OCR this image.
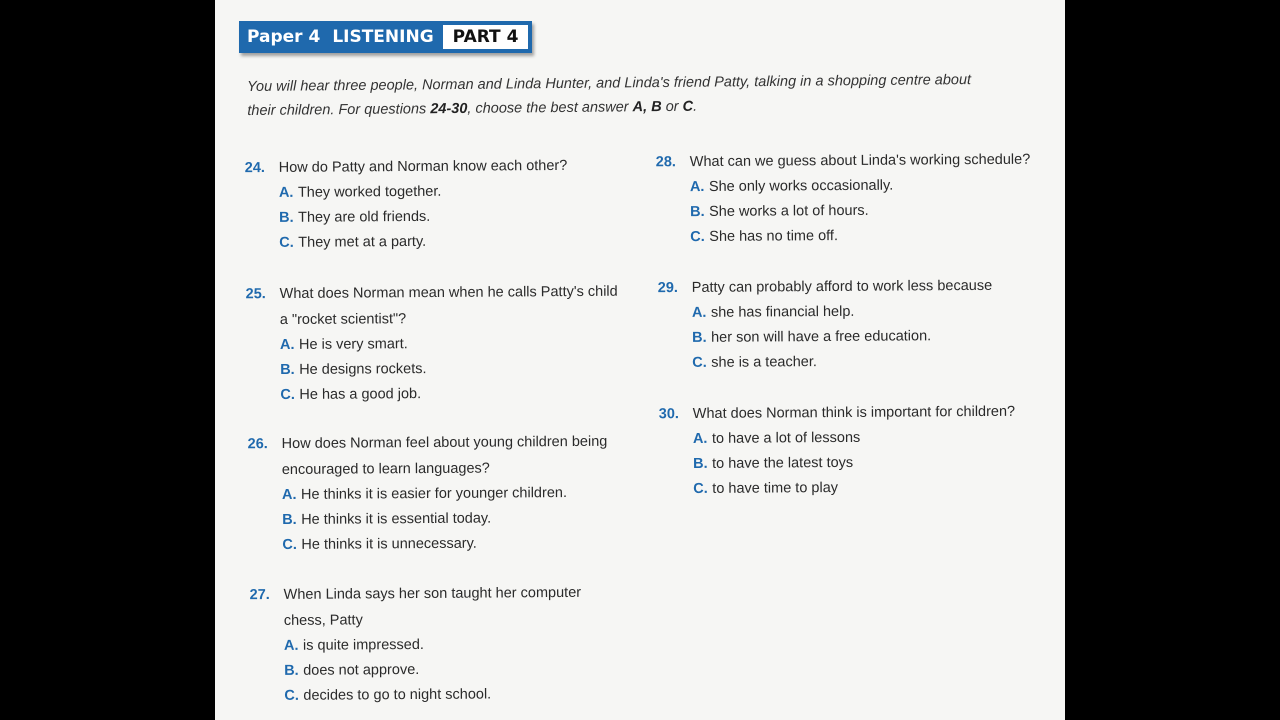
Paper 4 LISTENING	PART 4
You will hear three people, Norman and Linda Hunter, and Linda's friend Patty, talking in a shopping centre about
their children. For questions 24-30, choose the best answer A, B or C.
24. How do Patty and Norman know each other?
A. They worked together.
B. They are old friends.
C. They met at a party.
25. What does Norman mean when he calls Patty's child
a "rocket scientist"?
A. He is very smart.
B. He designs rockets.
C. He has a good job.
26. How does Norman feel about young children being
encouraged to learn languages?
A. He thinks it is easier for younger children.
B. He thinks it is essential today.
C. He thinks it is unnecessary.
27. When Linda says her son taught her computer
chess, Patty
A. is quite impressed.
B. does not approve.
C. decides to go to night school.
28. What can we guess about Linda's working schedule?
A. She only works occasionally.
B. She works a lot of hours.
C. She has no time off.
29. Patty can probably afford to work less because
A. she has financial help.
B. her son will have a free education.
C. she is a teacher.
30. What does Norman think is important for children?
A. to have a lot of lessons
B. to have the latest toys
C. to have time to play
